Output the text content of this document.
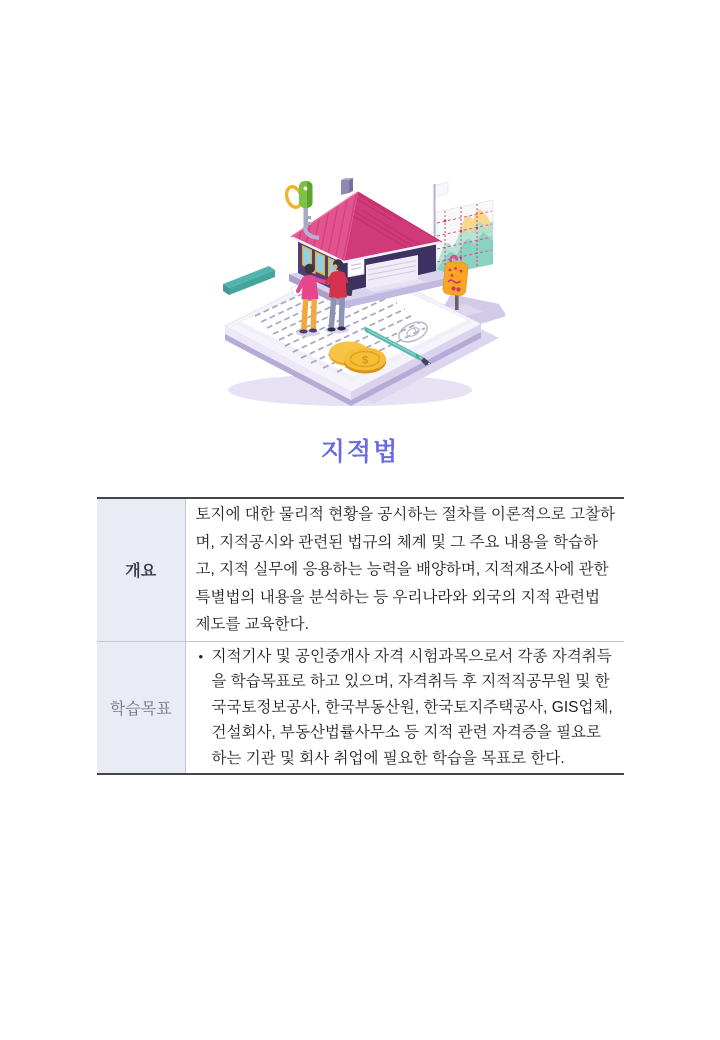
$
지적법
개요	토지에 대한 물리적 현황을 공시하는 절차를 이론적으로 고찰하며, 지적공시와 관련된 법규의 체계 및 그 주요 내용을 학습하고, 지적 실무에 응용하는 능력을 배양하며, 지적재조사에 관한 특별법의 내용을 분석하는 등 우리나라와 외국의 지적 관련법 제도를 교육한다.
학습목표	• 지적기사 및 공인중개사 자격 시험과목으로서 각종 자격취득을 학습목표로 하고 있으며, 자격취득 후 지적직공무원 및 한국국토정보공사, 한국부동산원, 한국토지주택공사, GIS업체, 건설회사, 부동산법률사무소 등 지적 관련 자격증을 필요로 하는 기관 및 회사 취업에 필요한 학습을 목표로 한다.
